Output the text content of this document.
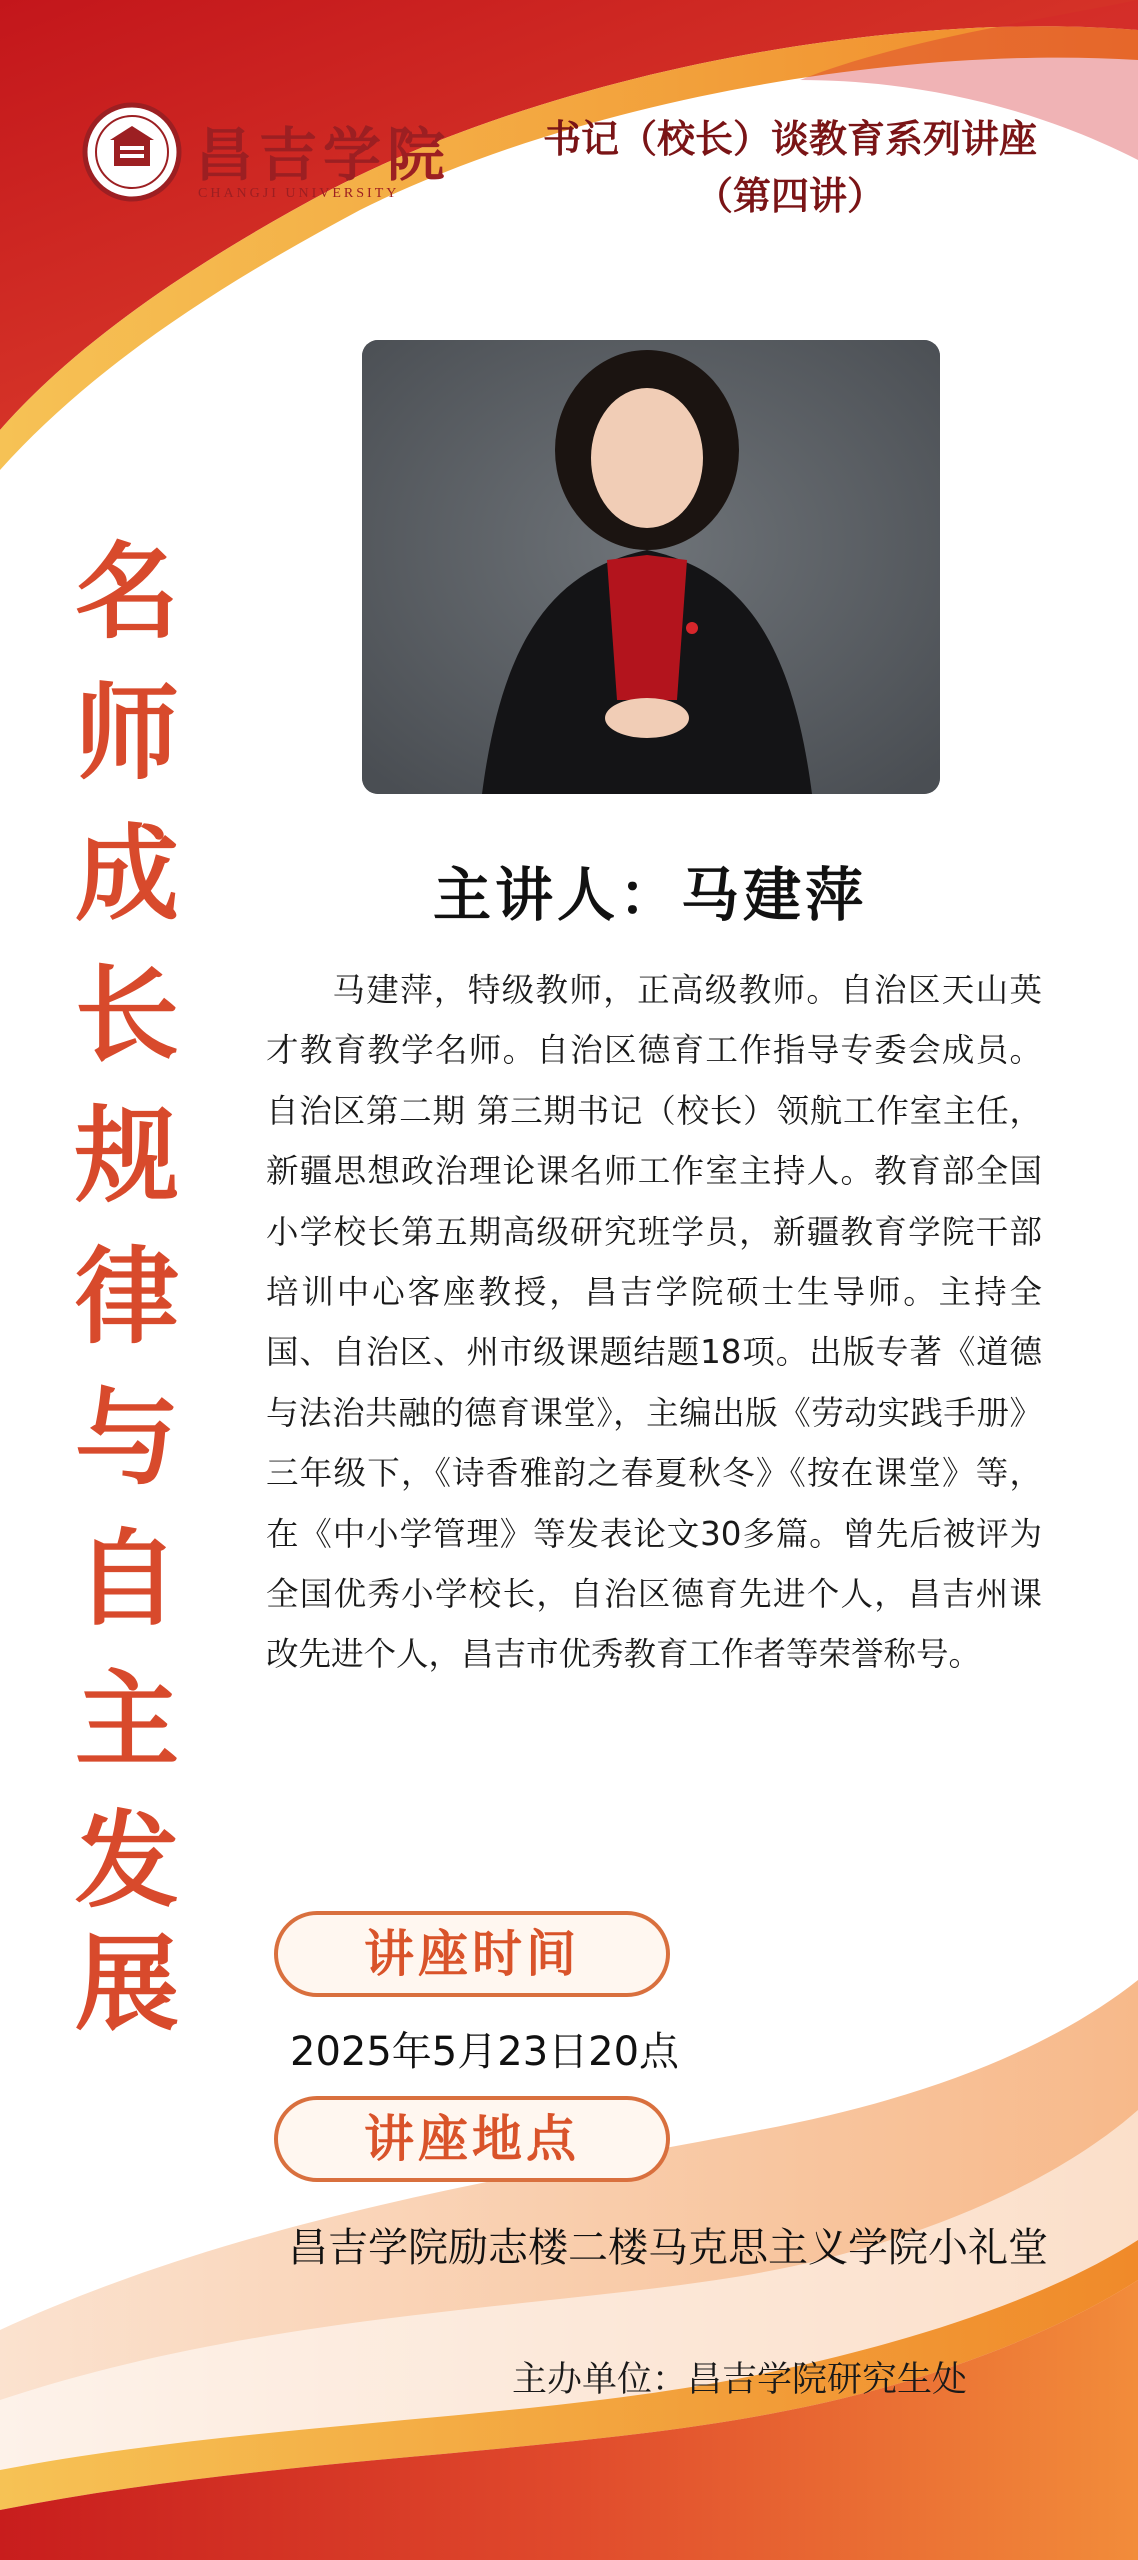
昌吉学院
CHANGJI UNIVERSITY
书记（校长）谈教育系列讲座
（第四讲）
名
师
成
长
规
律
与
自
主
发
展
主讲人：马建萍
马建萍，特级教师，正高级教师。自治区天山英才教育教学名师。自治区德育工作指导专委会成员。自治区第二期 第三期书记（校长）领航工作室主任，新疆思想政治理论课名师工作室主持人。教育部全国小学校长第五期高级研究班学员，新疆教育学院干部培训中心客座教授，昌吉学院硕士生导师。主持全国、自治区、州市级课题结题18项。出版专著《道德与法治共融的德育课堂》，主编出版《劳动实践手册》三年级下，《诗香雅韵之春夏秋冬》《按在课堂》等，在《中小学管理》等发表论文30多篇。曾先后被评为全国优秀小学校长，自治区德育先进个人，昌吉州课改先进个人，昌吉市优秀教育工作者等荣誉称号。
讲座时间
2025年5月23日20点
讲座地点
昌吉学院励志楼二楼马克思主义学院小礼堂
主办单位：昌吉学院研究生处
